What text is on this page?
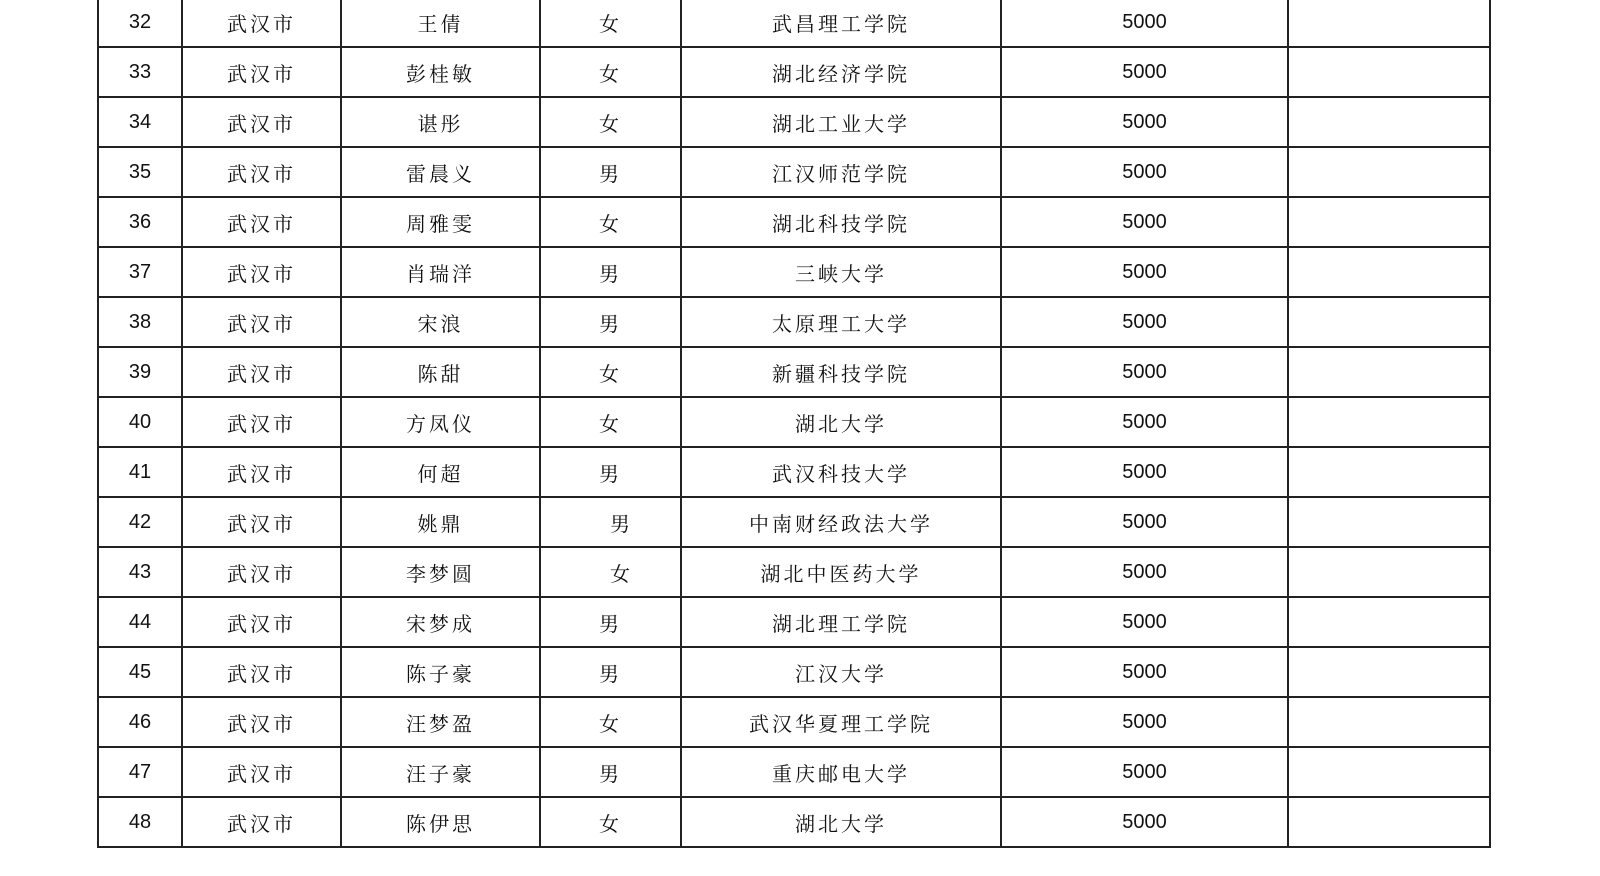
32	武汉市	王倩	女	武昌理工学院	5000	
33	武汉市	彭桂敏	女	湖北经济学院	5000	
34	武汉市	谌彤	女	湖北工业大学	5000	
35	武汉市	雷晨义	男	江汉师范学院	5000	
36	武汉市	周雅雯	女	湖北科技学院	5000	
37	武汉市	肖瑞洋	男	三峡大学	5000	
38	武汉市	宋浪	男	太原理工大学	5000	
39	武汉市	陈甜	女	新疆科技学院	5000	
40	武汉市	方凤仪	女	湖北大学	5000	
41	武汉市	何超	男	武汉科技大学	5000	
42	武汉市	姚鼎	男	中南财经政法大学	5000	
43	武汉市	李梦圆	女	湖北中医药大学	5000	
44	武汉市	宋梦成	男	湖北理工学院	5000	
45	武汉市	陈子豪	男	江汉大学	5000	
46	武汉市	汪梦盈	女	武汉华夏理工学院	5000	
47	武汉市	汪子豪	男	重庆邮电大学	5000	
48	武汉市	陈伊思	女	湖北大学	5000	
